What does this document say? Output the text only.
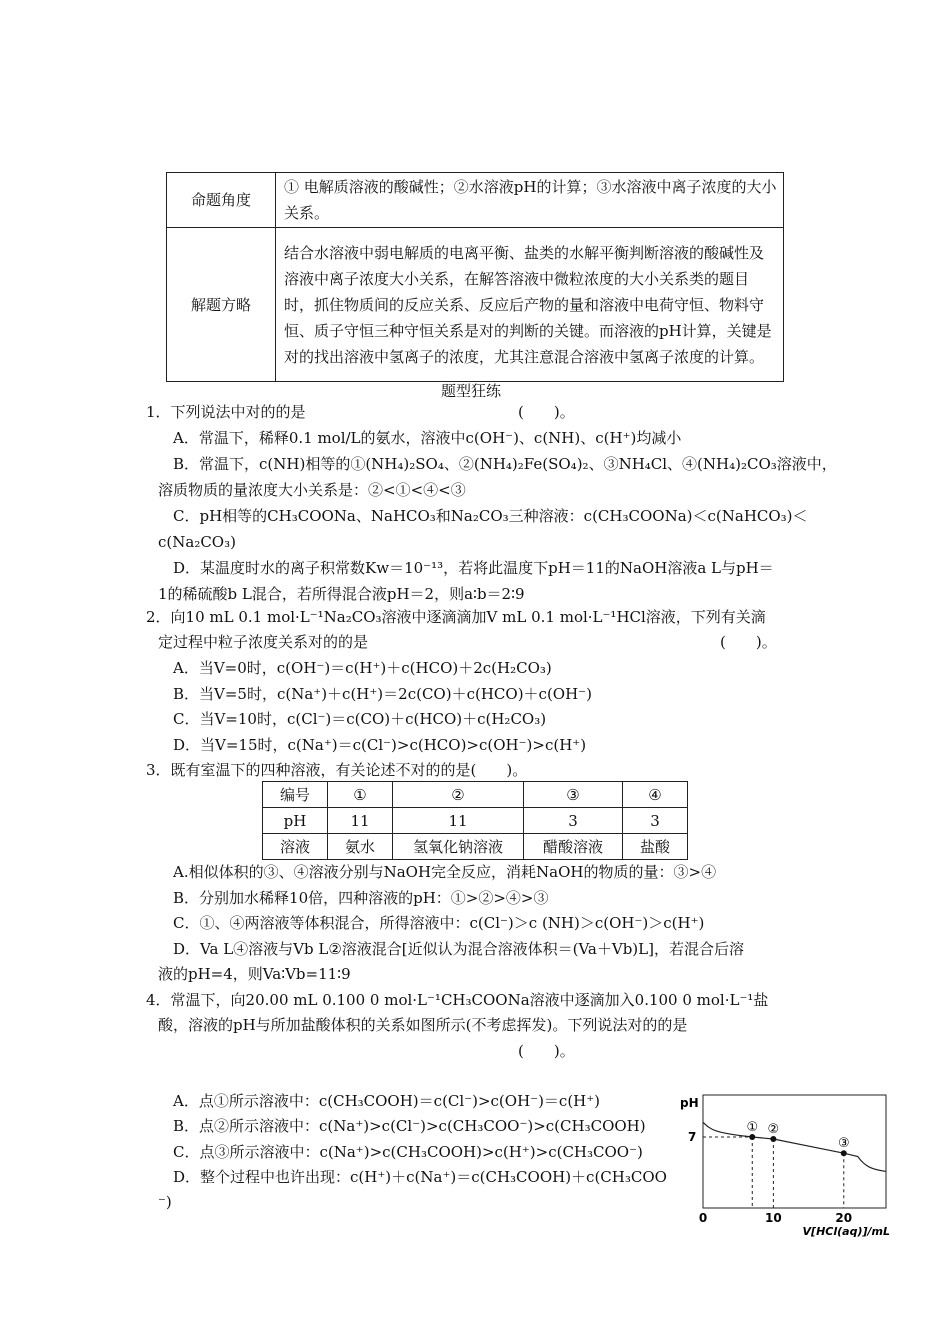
命题角度	① 电解质溶液的酸碱性；②水溶液pH的计算；③水溶液中离子浓度的大小关系。
解题方略	结合水溶液中弱电解质的电离平衡、盐类的水解平衡判断溶液的酸碱性及溶液中离子浓度大小关系，在解答溶液中微粒浓度的大小关系类的题目时，抓住物质间的反应关系、反应后产物的量和溶液中电荷守恒、物料守恒、质子守恒三种守恒关系是对的判断的关键。而溶液的pH计算，关键是对的找出溶液中氢离子的浓度，尤其注意混合溶液中氢离子浓度的计算。
题型狂练
1．下列说法中对的的是	(　　)。
A．常温下，稀释0.1 mol/L的氨水，溶液中c(OH⁻)、c(NH)、c(H⁺)均减小
B．常温下，c(NH)相等的①(NH₄)₂SO₄、②(NH₄)₂Fe(SO₄)₂、③NH₄Cl、④(NH₄)₂CO₃溶液中，
溶质物质的量浓度大小关系是：②<①<④<③
C．pH相等的CH₃COONa、NaHCO₃和Na₂CO₃三种溶液：c(CH₃COONa)＜c(NaHCO₃)＜
c(Na₂CO₃)
D．某温度时水的离子积常数Kw＝10⁻¹³，若将此温度下pH＝11的NaOH溶液a L与pH＝
1的稀硫酸b L混合，若所得混合液pH＝2，则a∶b＝2∶9
2．向10 mL 0.1 mol·L⁻¹Na₂CO₃溶液中逐滴滴加V mL 0.1 mol·L⁻¹HCl溶液，下列有关滴
定过程中粒子浓度关系对的的是	(　　)。
A．当V=0时，c(OH⁻)＝c(H⁺)＋c(HCO)＋2c(H₂CO₃)
B．当V=5时，c(Na⁺)＋c(H⁺)＝2c(CO)＋c(HCO)＋c(OH⁻)
C．当V=10时，c(Cl⁻)＝c(CO)＋c(HCO)＋c(H₂CO₃)
D．当V=15时，c(Na⁺)＝c(Cl⁻)>c(HCO)>c(OH⁻)>c(H⁺)
3．既有室温下的四种溶液，有关论述不对的的是(　　)。
编号	①	②	③	④
pH	11	11	3	3
溶液	氨水	氢氧化钠溶液	醋酸溶液	盐酸
A.相似体积的③、④溶液分别与NaOH完全反应，消耗NaOH的物质的量：③>④
B．分别加水稀释10倍，四种溶液的pH：①>②>④>③
C．①、④两溶液等体积混合，所得溶液中：c(Cl⁻)＞c (NH)＞c(OH⁻)＞c(H⁺)
D．Va L④溶液与Vb L②溶液混合[近似认为混合溶液体积＝(Va＋Vb)L]，若混合后溶
液的pH=4，则Va∶Vb=11∶9
4．常温下，向20.00 mL 0.100 0 mol·L⁻¹CH₃COONa溶液中逐滴加入0.100 0 mol·L⁻¹盐
酸，溶液的pH与所加盐酸体积的关系如图所示(不考虑挥发)。下列说法对的的是
(　　)。
A．点①所示溶液中：c(CH₃COOH)＝c(Cl⁻)>c(OH⁻)＝c(H⁺)
B．点②所示溶液中：c(Na⁺)>c(Cl⁻)>c(CH₃COO⁻)>c(CH₃COOH)
C．点③所示溶液中：c(Na⁺)>c(CH₃COOH)>c(H⁺)>c(CH₃COO⁻)
D．整个过程中也许出现：c(H⁺)＋c(Na⁺)＝c(CH₃COOH)＋c(CH₃COO
⁻)
pH
7
① ②
③
0	10	20
V[HCl(aq)]/mL
